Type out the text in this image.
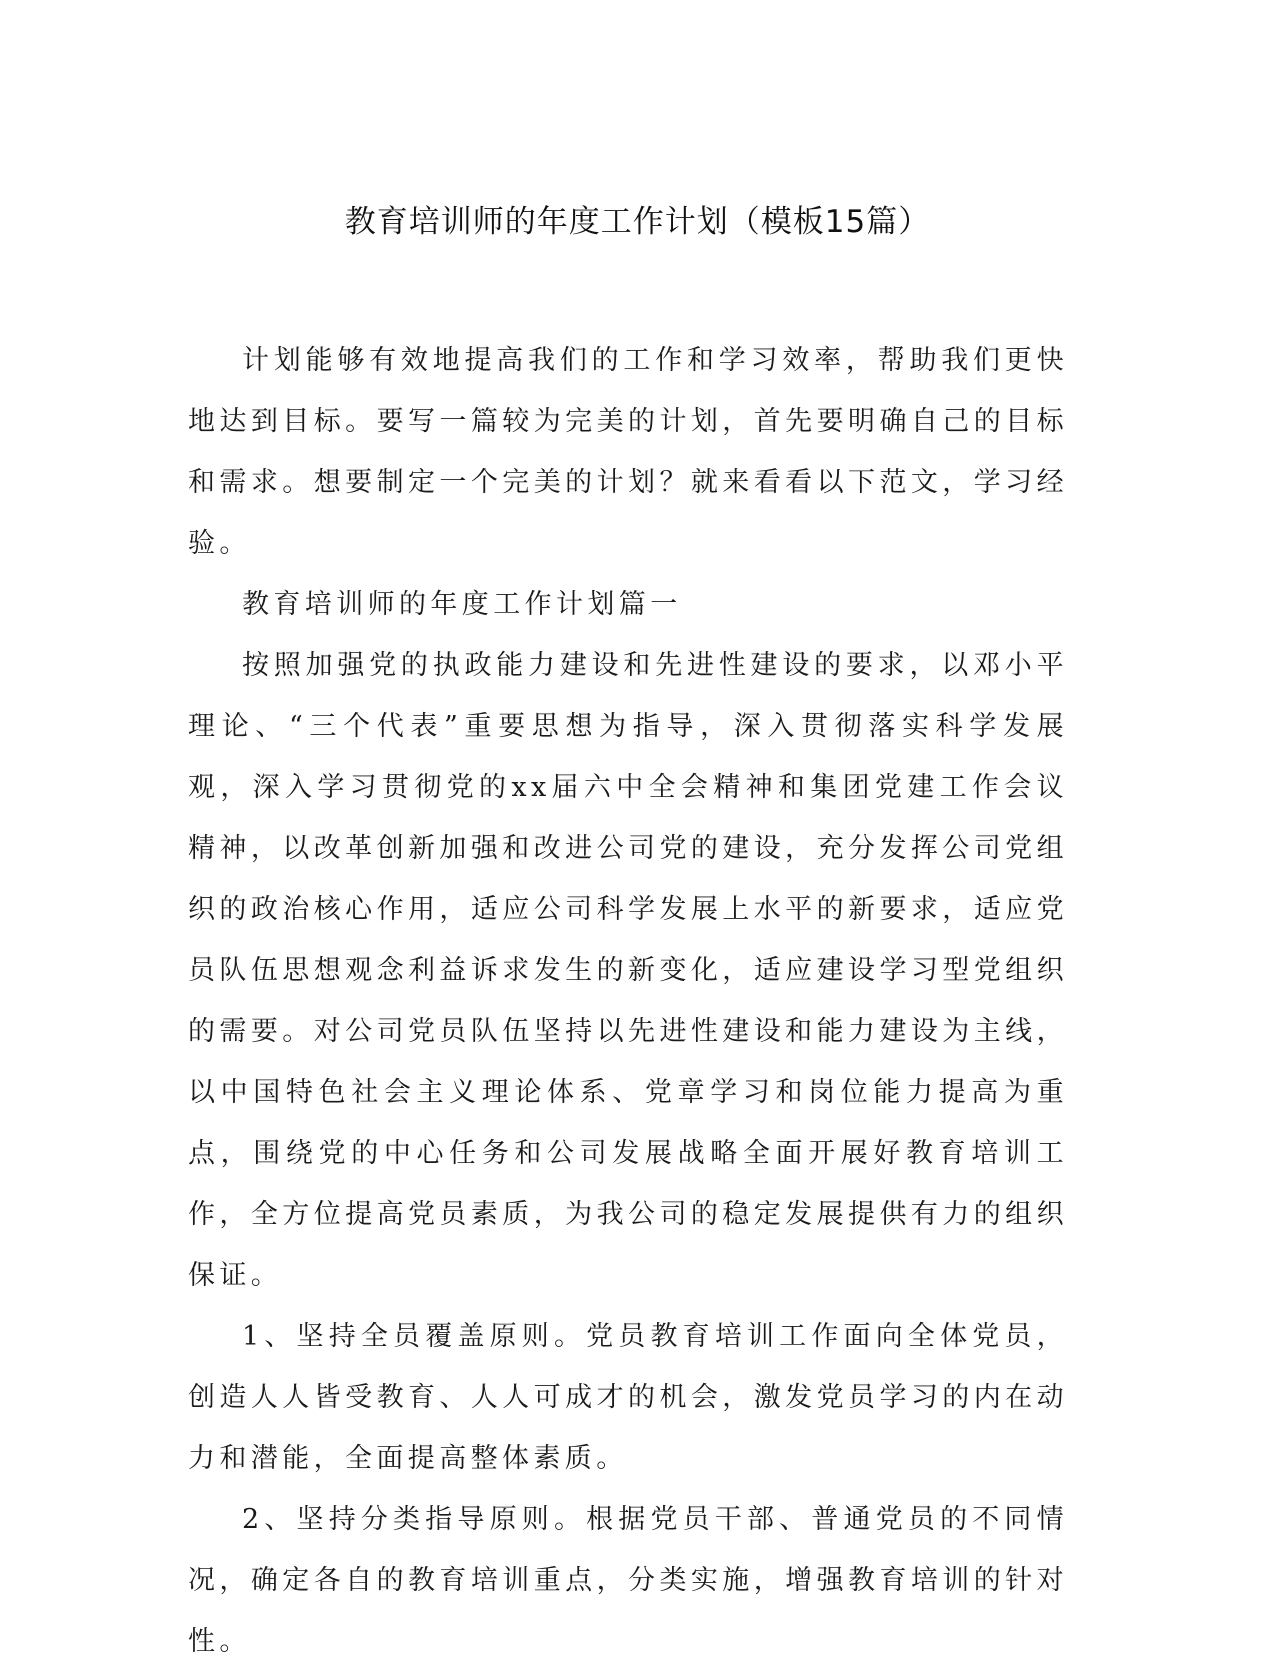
教育培训师的年度工作计划（模板15篇）

计划能够有效地提高我们的工作和学习效率，帮助我们更快地达到目标。要写一篇较为完美的计划，首先要明确自己的目标和需求。想要制定一个完美的计划？就来看看以下范文，学习经验。

教育培训师的年度工作计划篇一

按照加强党的执政能力建设和先进性建设的要求，以邓小平理论、“三个代表”重要思想为指导，深入贯彻落实科学发展观，深入学习贯彻党的xx届六中全会精神和集团党建工作会议精神，以改革创新加强和改进公司党的建设，充分发挥公司党组织的政治核心作用，适应公司科学发展上水平的新要求，适应党员队伍思想观念利益诉求发生的新变化，适应建设学习型党组织的需要。对公司党员队伍坚持以先进性建设和能力建设为主线，以中国特色社会主义理论体系、党章学习和岗位能力提高为重点，围绕党的中心任务和公司发展战略全面开展好教育培训工作，全方位提高党员素质，为我公司的稳定发展提供有力的组织保证。

1、坚持全员覆盖原则。党员教育培训工作面向全体党员，创造人人皆受教育、人人可成才的机会，激发党员学习的内在动力和潜能，全面提高整体素质。

2、坚持分类指导原则。根据党员干部、普通党员的不同情况，确定各自的教育培训重点，分类实施，增强教育培训的针对性。
